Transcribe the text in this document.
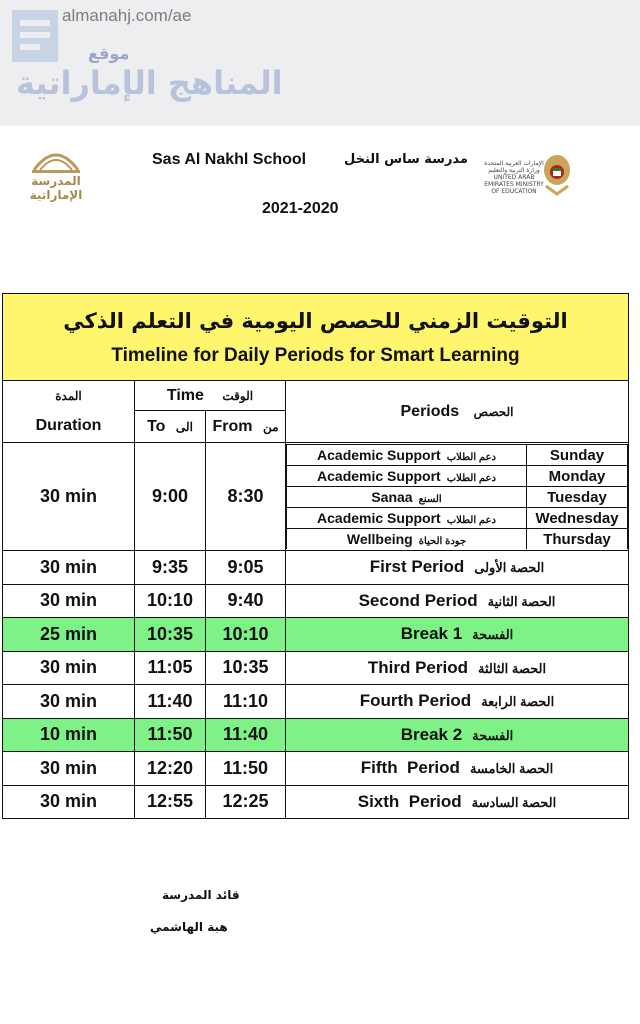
almanahj.com/ae
موقع
المناهج الإماراتية
المدرسة الإماراتية
Sas Al Nakhl School	مدرسة ساس النخل
2021-2020
الإمارات العربية المتحدة وزارة التربية والتعليم UNITED ARAB EMIRATES MINISTRY OF EDUCATION
التوقيت الزمني للحصص اليومية في التعلم الذكي
Timeline for Daily Periods for Smart Learning

المدة	Time الوقت	Periods الحصص

Duration	To الى	From من
30 min	9:00	8:30	
Academic Support دعم الطلاب	Sunday
Academic Support دعم الطلاب	Monday
Sanaa السنع	Tuesday
Academic Support دعم الطلاب	Wednesday
Wellbeing جودة الحياة	Thursday

30 min	9:35	9:05	First Period الحصة الأولى
30 min	10:10	9:40	Second Period الحصة الثانية
25 min	10:35	10:10	Break 1 الفسحة
30 min	11:05	10:35	Third Period الحصة الثالثة
30 min	11:40	11:10	Fourth Period الحصة الرابعة
10 min	11:50	11:40	Break 2 الفسحة
30 min	12:20	11:50	Fifth  Period الحصة الخامسة
30 min	12:55	12:25	Sixth  Period الحصة السادسة
قائد المدرسة
هبة الهاشمي
